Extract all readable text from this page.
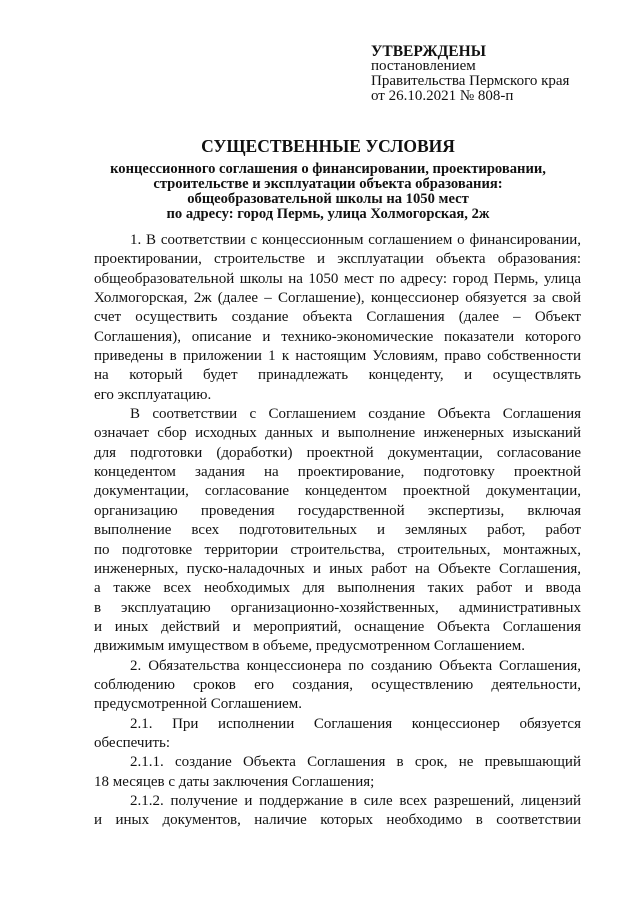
УТВЕРЖДЕНЫ
постановлением
Правительства Пермского края
от 26.10.2021 № 808-п
СУЩЕСТВЕННЫЕ УСЛОВИЯ
концессионного соглашения о финансировании, проектировании,
строительстве и эксплуатации объекта образования:
общеобразовательной школы на 1050 мест
по адресу: город Пермь, улица Холмогорская, 2ж
1. В соответствии с концессионным соглашением о финансировании,
проектировании, строительстве и эксплуатации объекта образования:
общеобразовательной школы на 1050 мест по адресу: город Пермь, улица
Холмогорская, 2ж (далее – Соглашение), концессионер обязуется за свой
счет осуществить создание объекта Соглашения (далее – Объект
Соглашения), описание и технико-экономические показатели которого
приведены в приложении 1 к настоящим Условиям, право собственности
на который будет принадлежать концеденту, и осуществлять
его эксплуатацию.
В соответствии с Соглашением создание Объекта Соглашения
означает сбор исходных данных и выполнение инженерных изысканий
для подготовки (доработки) проектной документации, согласование
концедентом задания на проектирование, подготовку проектной
документации, согласование концедентом проектной документации,
организацию проведения государственной экспертизы, включая
выполнение всех подготовительных и земляных работ, работ
по подготовке территории строительства, строительных, монтажных,
инженерных, пуско-наладочных и иных работ на Объекте Соглашения,
а также всех необходимых для выполнения таких работ и ввода
в эксплуатацию организационно-хозяйственных, административных
и иных действий и мероприятий, оснащение Объекта Соглашения
движимым имуществом в объеме, предусмотренном Соглашением.
2. Обязательства концессионера по созданию Объекта Соглашения,
соблюдению сроков его создания, осуществлению деятельности,
предусмотренной Соглашением.
2.1. При исполнении Соглашения концессионер обязуется
обеспечить:
2.1.1. создание Объекта Соглашения в срок, не превышающий
18 месяцев с даты заключения Соглашения;
2.1.2. получение и поддержание в силе всех разрешений, лицензий
и иных документов, наличие которых необходимо в соответствии
